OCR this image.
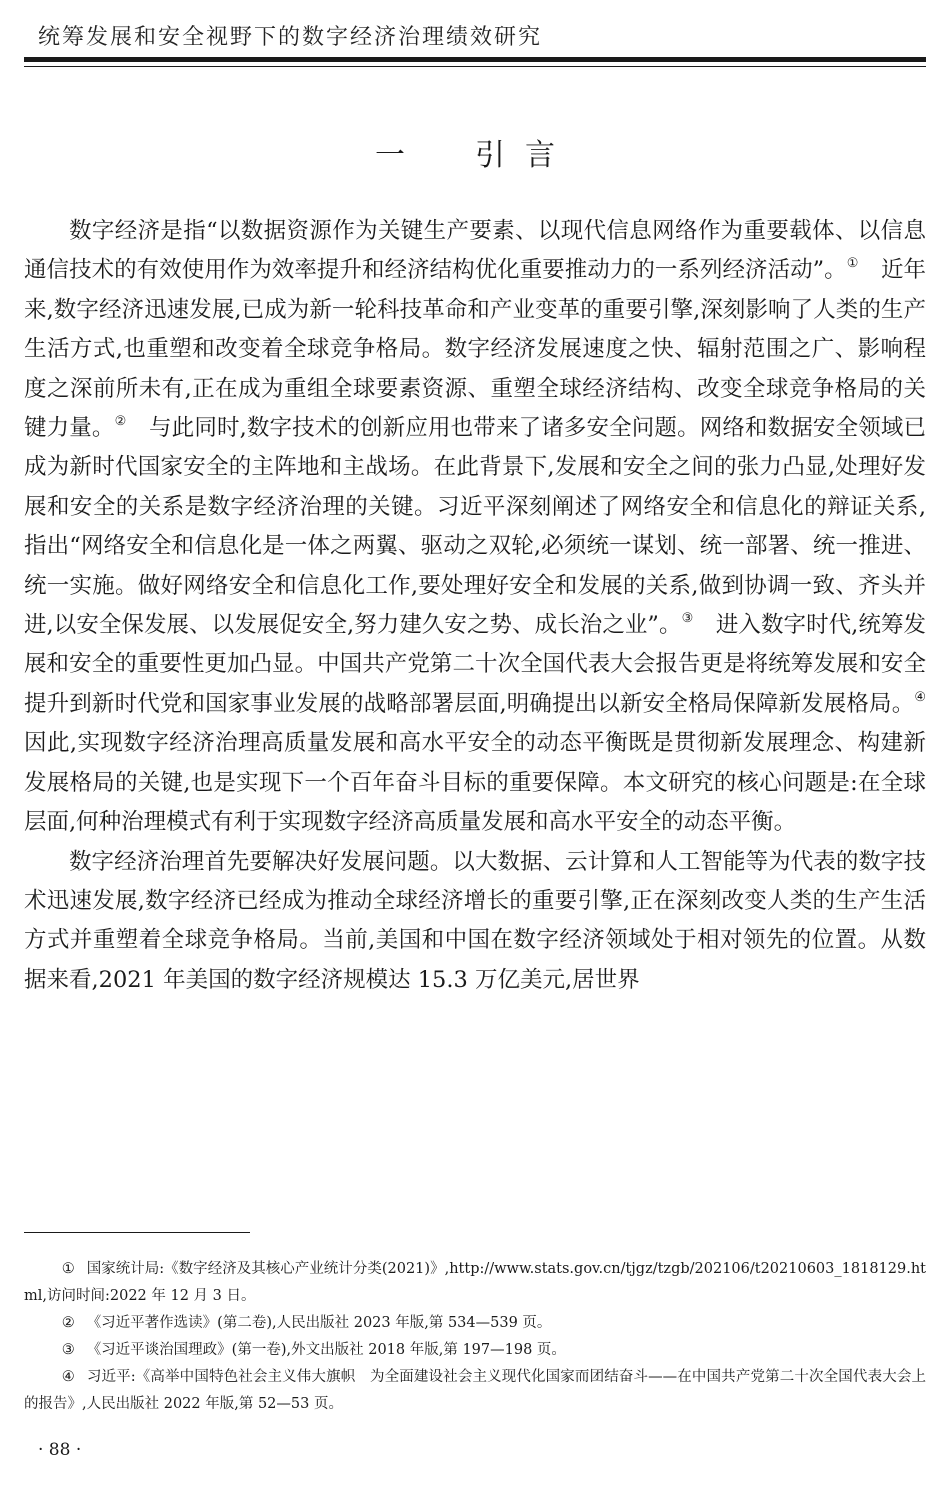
统筹发展和安全视野下的数字经济治理绩效研究
一　引言

数字经济是指“以数据资源作为关键生产要素、以现代信息网络作为重要载体、以信息通信技术的有效使用作为效率提升和经济结构优化重要推动力的一系列经济活动”。①　 近年来,数字经济迅速发展,已成为新一轮科技革命和产业变革的重要引擎,深刻影响了人类的生产生活方式,也重塑和改变着全球竞争格局。数字经济发展速度之快、辐射范围之广、影响程度之深前所未有,正在成为重组全球要素资源、重塑全球经济结构、改变全球竞争格局的关键力量。②　 与此同时,数字技术的创新应用也带来了诸多安全问题。网络和数据安全领域已成为新时代国家安全的主阵地和主战场。在此背景下,发展和安全之间的张力凸显,处理好发展和安全的关系是数字经济治理的关键。习近平深刻阐述了网络安全和信息化的辩证关系,指出“网络安全和信息化是一体之两翼、驱动之双轮,必须统一谋划、统一部署、统一推进、统一实施。做好网络安全和信息化工作,要处理好安全和发展的关系,做到协调一致、齐头并进,以安全保发展、以发展促安全,努力建久安之势、成长治之业”。③　 进入数字时代,统筹发展和安全的重要性更加凸显。中国共产党第二十次全国代表大会报告更是将统筹发展和安全提升到新时代党和国家事业发展的战略部署层面,明确提出以新安全格局保障新发展格局。④　因此,实现数字经济治理高质量发展和高水平安全的动态平衡既是贯彻新发展理念、构建新发展格局的关键,也是实现下一个百年奋斗目标的重要保障。本文研究的核心问题是:在全球层面,何种治理模式有利于实现数字经济高质量发展和高水平安全的动态平衡。

数字经济治理首先要解决好发展问题。以大数据、云计算和人工智能等为代表的数字技术迅速发展,数字经济已经成为推动全球经济增长的重要引擎,正在深刻改变人类的生产生活方式并重塑着全球竞争格局。当前,美国和中国在数字经济领域处于相对领先的位置。从数据来看,2021 年美国的数字经济规模达 15.3 万亿美元,居世界

① 国家统计局:《数字经济及其核心产业统计分类(2021)》,http://www.stats.gov.cn/tjgz/tzgb/202106/t20210603_1818129.html,访问时间:2022 年 12 月 3 日。

② 《习近平著作选读》(第二卷),人民出版社 2023 年版,第 534—539 页。

③ 《习近平谈治国理政》(第一卷),外文出版社 2018 年版,第 197—198 页。

④ 习近平:《高举中国特色社会主义伟大旗帜　为全面建设社会主义现代化国家而团结奋斗——在中国共产党第二十次全国代表大会上的报告》,人民出版社 2022 年版,第 52—53 页。

· 88 ·
